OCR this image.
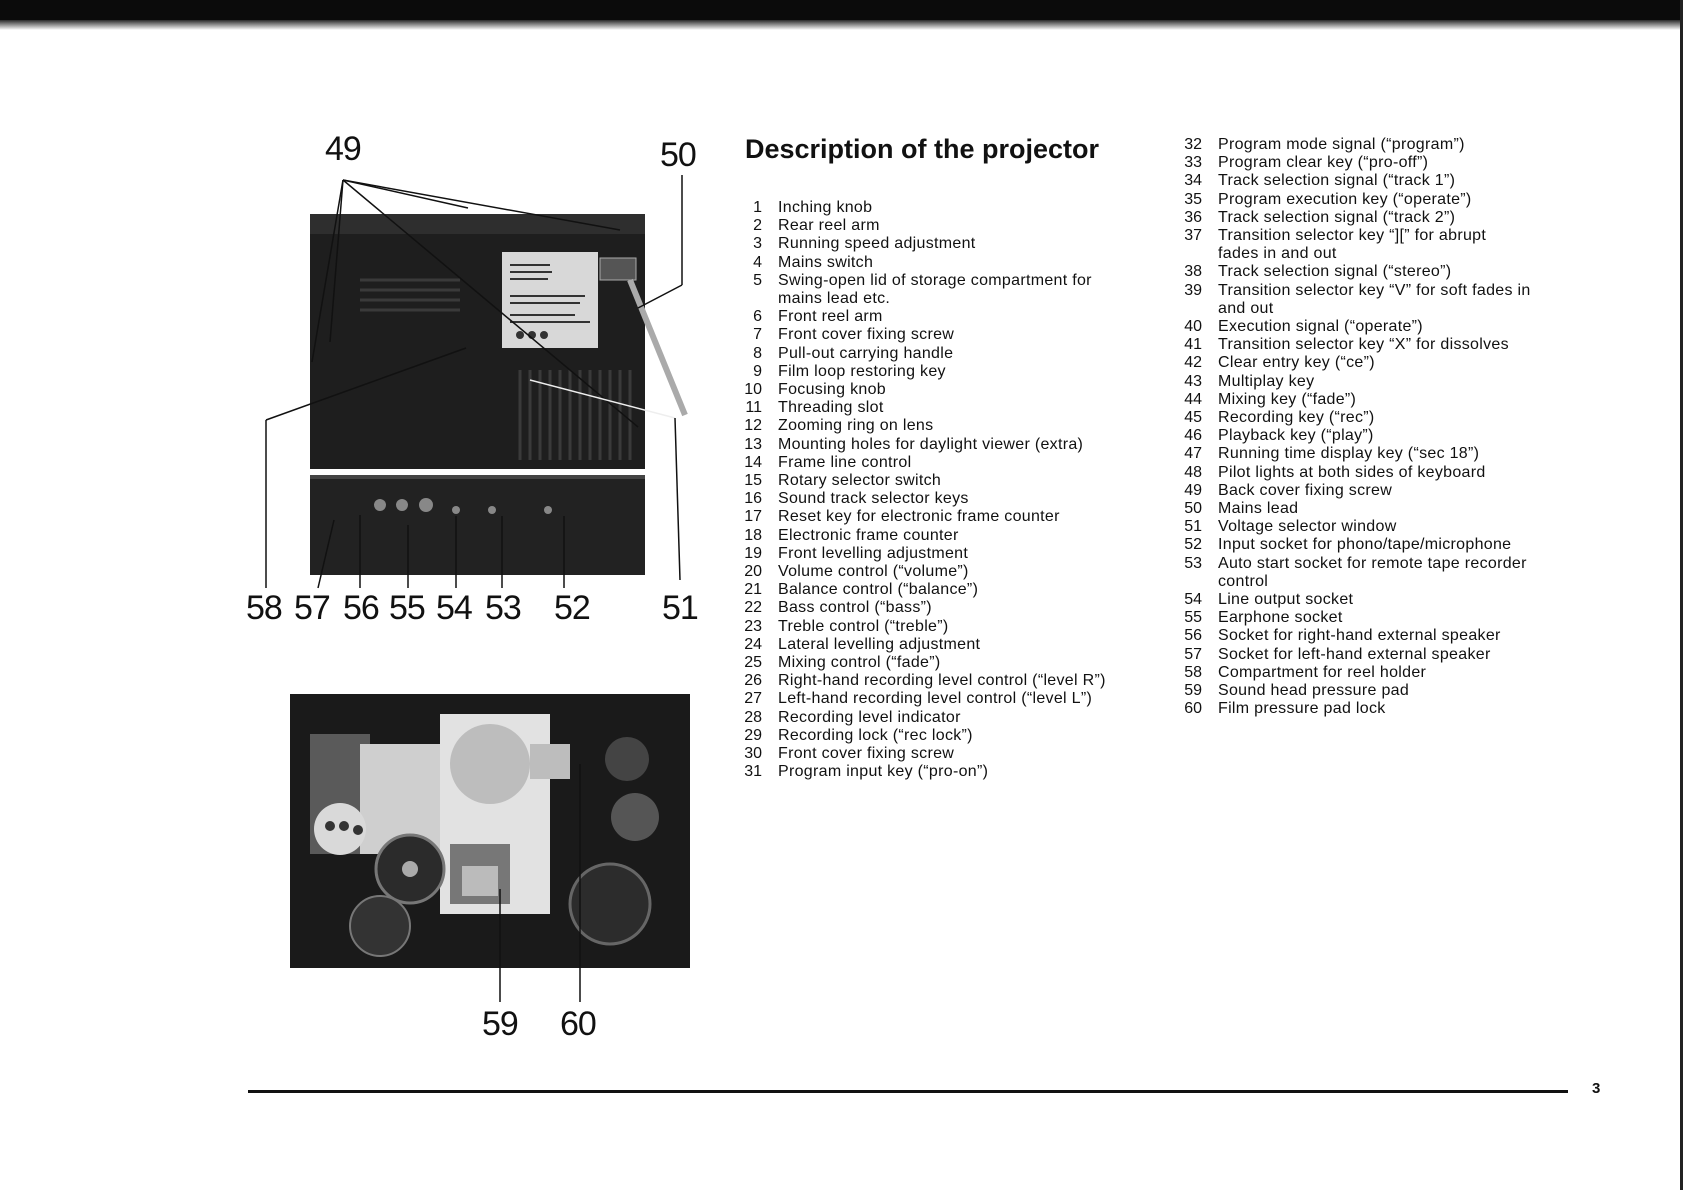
49	50
58 57 56 55 54 53 52 51
59 60
Description of the projector
1 Inching knob
2 Rear reel arm
3 Running speed adjustment
4 Mains switch
5 Swing-open lid of storage compartment for
mains lead etc.
6 Front reel arm
7 Front cover fixing screw
8 Pull-out carrying handle
9 Film loop restoring key
10 Focusing knob
11 Threading slot
12 Zooming ring on lens
13 Mounting holes for daylight viewer (extra)
14 Frame line control
15 Rotary selector switch
16 Sound track selector keys
17 Reset key for electronic frame counter
18 Electronic frame counter
19 Front levelling adjustment
20 Volume control (“volume”)
21 Balance control (“balance”)
22 Bass control (“bass”)
23 Treble control (“treble”)
24 Lateral levelling adjustment
25 Mixing control (“fade”)
26 Right-hand recording level control (“level R”)
27 Left-hand recording level control (“level L”)
28 Recording level indicator
29 Recording lock (“rec lock”)
30 Front cover fixing screw
31 Program input key (“pro-on”)
32 Program mode signal (“program”)
33 Program clear key (“pro-off”)
34 Track selection signal (“track 1”)
35 Program execution key (“operate”)
36 Track selection signal (“track 2”)
37 Transition selector key “][” for abrupt
fades in and out
38 Track selection signal (“stereo”)
39 Transition selector key “V” for soft fades in
and out
40 Execution signal (“operate”)
41 Transition selector key “X” for dissolves
42 Clear entry key (“ce”)
43 Multiplay key
44 Mixing key (“fade”)
45 Recording key (“rec”)
46 Playback key (“play”)
47 Running time display key (“sec 18”)
48 Pilot lights at both sides of keyboard
49 Back cover fixing screw
50 Mains lead
51 Voltage selector window
52 Input socket for phono/tape/microphone
53 Auto start socket for remote tape recorder
control
54 Line output socket
55 Earphone socket
56 Socket for right-hand external speaker
57 Socket for left-hand external speaker
58 Compartment for reel holder
59 Sound head pressure pad
60 Film pressure pad lock
3
